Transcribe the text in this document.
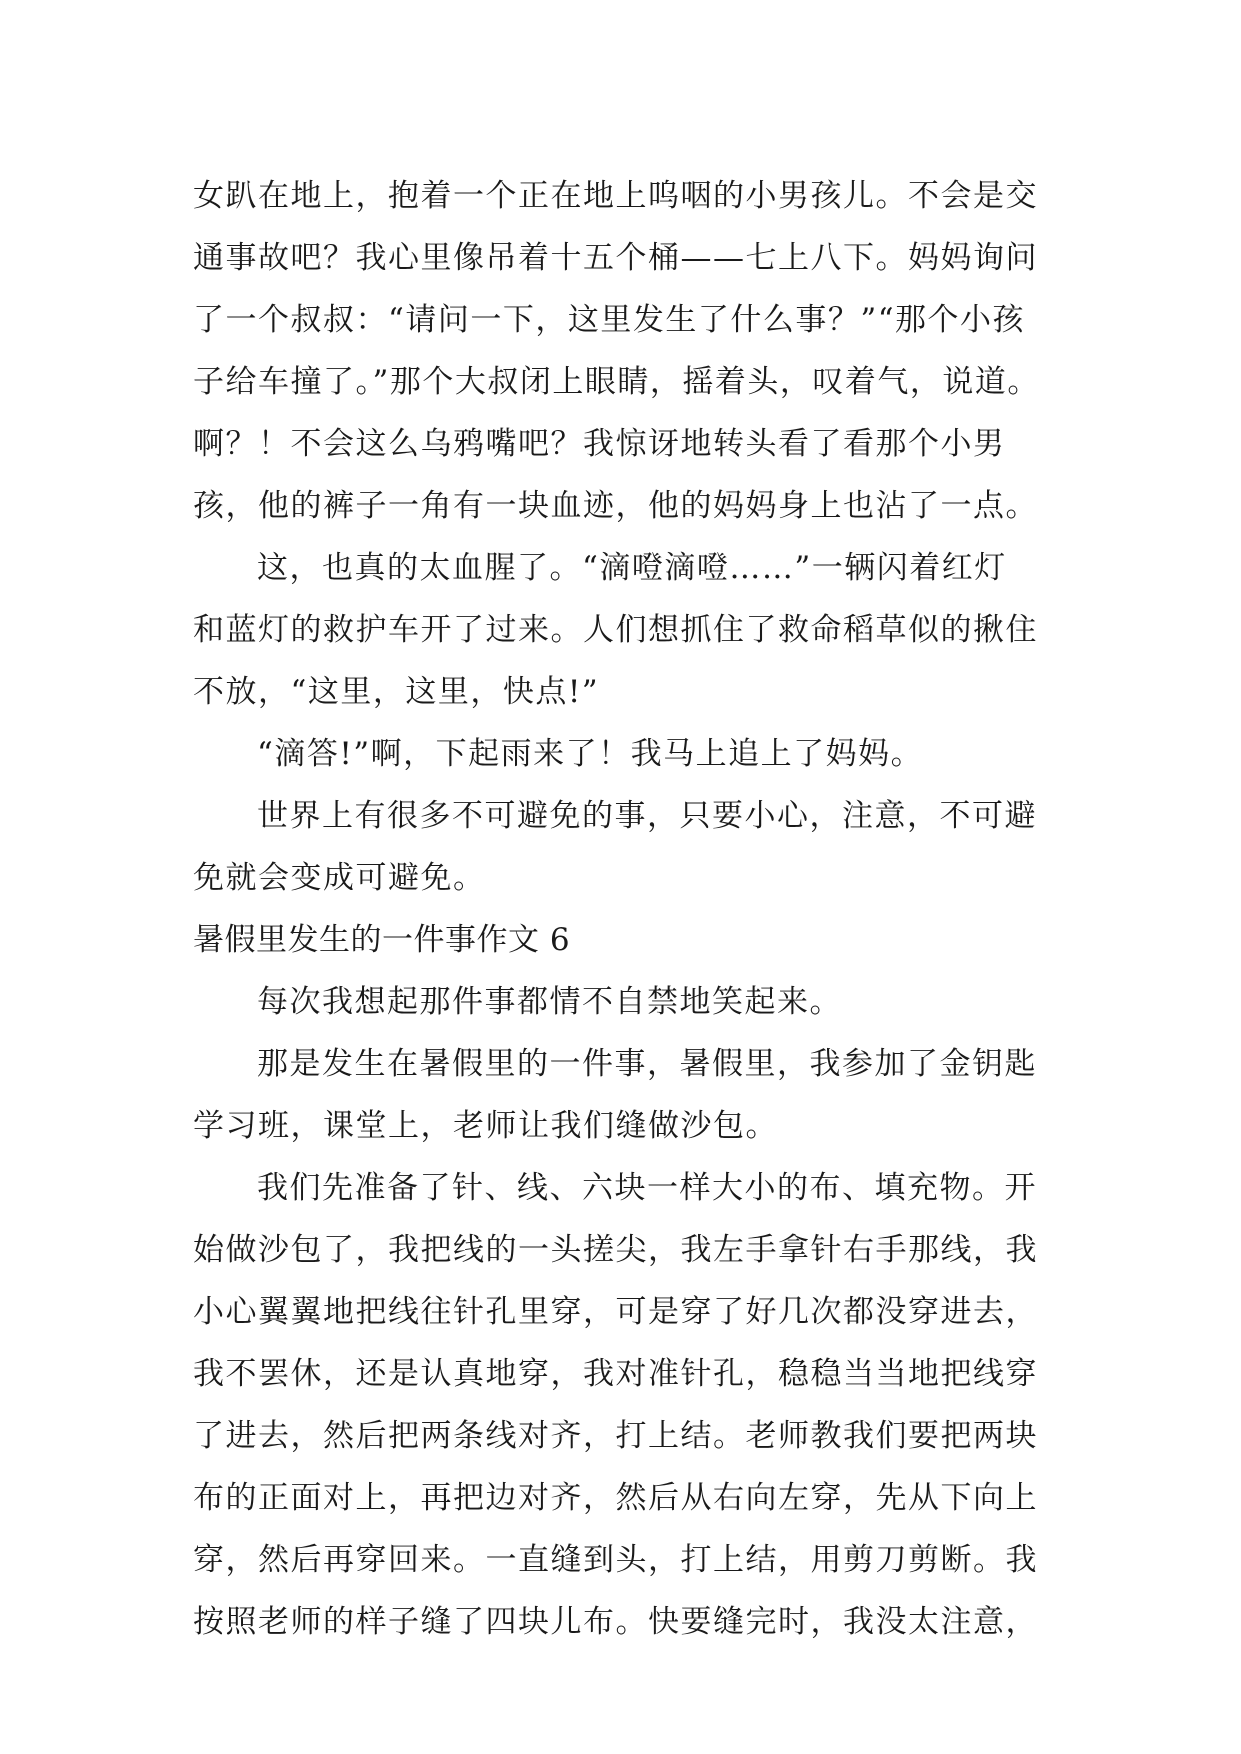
女趴在地上，抱着一个正在地上呜咽的小男孩儿。不会是交
通事故吧？我心里像吊着十五个桶——七上八下。妈妈询问
了一个叔叔：“请问一下，这里发生了什么事？”“那个小孩
子给车撞了。”那个大叔闭上眼睛，摇着头，叹着气，说道。
啊？！不会这么乌鸦嘴吧？我惊讶地转头看了看那个小男
孩，他的裤子一角有一块血迹，他的妈妈身上也沾了一点。
这，也真的太血腥了。“滴噔滴噔……”一辆闪着红灯
和蓝灯的救护车开了过来。人们想抓住了救命稻草似的揪住
不放，“这里，这里，快点!”
“滴答!”啊，下起雨来了！我马上追上了妈妈。
世界上有很多不可避免的事，只要小心，注意，不可避
免就会变成可避免。
暑假里发生的一件事作文 6
每次我想起那件事都情不自禁地笑起来。
那是发生在暑假里的一件事，暑假里，我参加了金钥匙
学习班，课堂上，老师让我们缝做沙包。
我们先准备了针、线、六块一样大小的布、填充物。开
始做沙包了，我把线的一头搓尖，我左手拿针右手那线，我
小心翼翼地把线往针孔里穿，可是穿了好几次都没穿进去，
我不罢休，还是认真地穿，我对准针孔，稳稳当当地把线穿
了进去，然后把两条线对齐，打上结。老师教我们要把两块
布的正面对上，再把边对齐，然后从右向左穿，先从下向上
穿，然后再穿回来。一直缝到头，打上结，用剪刀剪断。我
按照老师的样子缝了四块儿布。快要缝完时，我没太注意，
